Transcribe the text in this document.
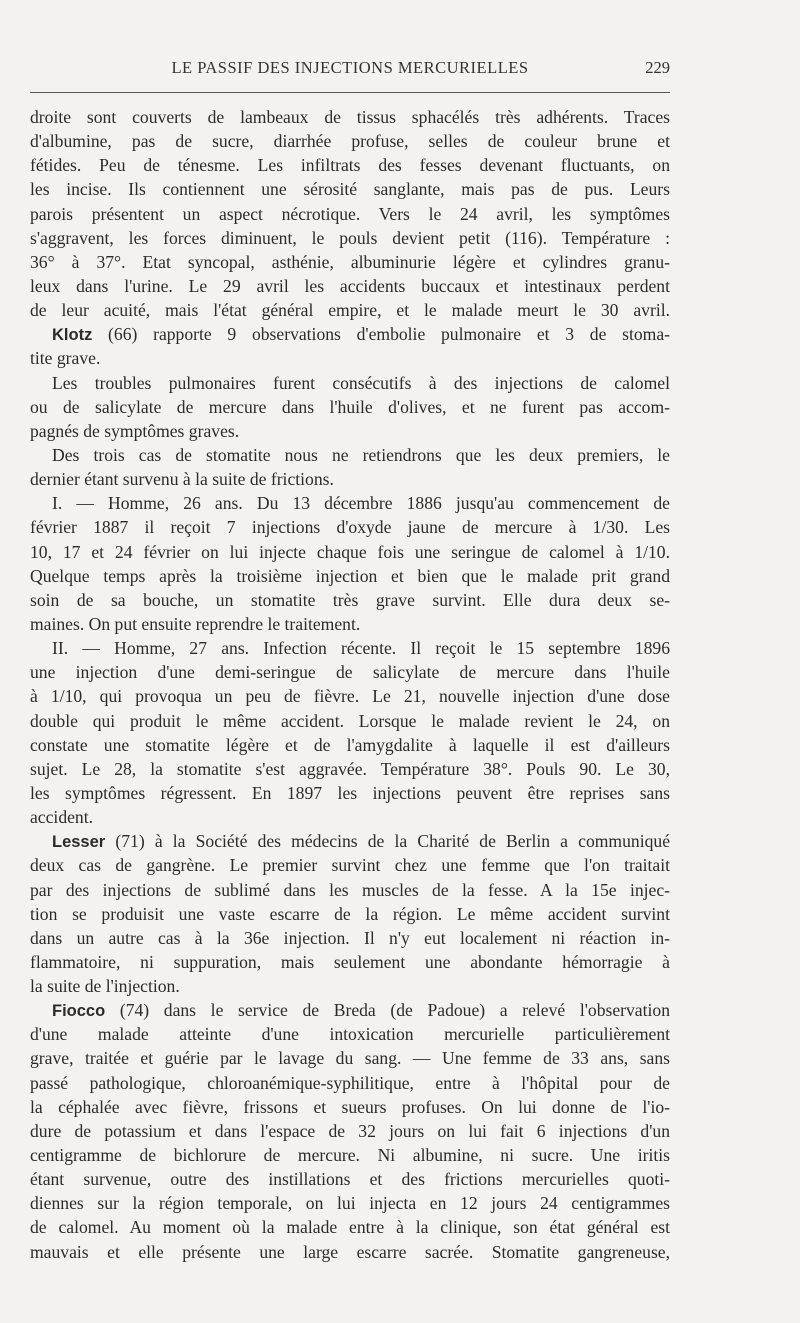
LE PASSIF DES INJECTIONS MERCURIELLES	229
droite sont couverts de lambeaux de tissus sphacélés très adhérents. Traces
d'albumine, pas de sucre, diarrhée profuse, selles de couleur brune et
fétides. Peu de ténesme. Les infiltrats des fesses devenant fluctuants, on
les incise. Ils contiennent une sérosité sanglante, mais pas de pus. Leurs
parois présentent un aspect nécrotique. Vers le 24 avril, les symptômes
s'aggravent, les forces diminuent, le pouls devient petit (116). Température :
36° à 37°. Etat syncopal, asthénie, albuminurie légère et cylindres granu-
leux dans l'urine. Le 29 avril les accidents buccaux et intestinaux perdent
de leur acuité, mais l'état général empire, et le malade meurt le 30 avril.
Klotz (66) rapporte 9 observations d'embolie pulmonaire et 3 de stoma-
tite grave.
Les troubles pulmonaires furent consécutifs à des injections de calomel
ou de salicylate de mercure dans l'huile d'olives, et ne furent pas accom-
pagnés de symptômes graves.
Des trois cas de stomatite nous ne retiendrons que les deux premiers, le
dernier étant survenu à la suite de frictions.
I. — Homme, 26 ans. Du 13 décembre 1886 jusqu'au commencement de
février 1887 il reçoit 7 injections d'oxyde jaune de mercure à 1/30. Les
10, 17 et 24 février on lui injecte chaque fois une seringue de calomel à 1/10.
Quelque temps après la troisième injection et bien que le malade prit grand
soin de sa bouche, un stomatite très grave survint. Elle dura deux se-
maines. On put ensuite reprendre le traitement.
II. — Homme, 27 ans. Infection récente. Il reçoit le 15 septembre 1896
une injection d'une demi-seringue de salicylate de mercure dans l'huile
à 1/10, qui provoqua un peu de fièvre. Le 21, nouvelle injection d'une dose
double qui produit le même accident. Lorsque le malade revient le 24, on
constate une stomatite légère et de l'amygdalite à laquelle il est d'ailleurs
sujet. Le 28, la stomatite s'est aggravée. Température 38°. Pouls 90. Le 30,
les symptômes régressent. En 1897 les injections peuvent être reprises sans
accident.
Lesser (71) à la Société des médecins de la Charité de Berlin a communiqué
deux cas de gangrène. Le premier survint chez une femme que l'on traitait
par des injections de sublimé dans les muscles de la fesse. A la 15e injec-
tion se produisit une vaste escarre de la région. Le même accident survint
dans un autre cas à la 36e injection. Il n'y eut localement ni réaction in-
flammatoire, ni suppuration, mais seulement une abondante hémorragie à
la suite de l'injection.
Fiocco (74) dans le service de Breda (de Padoue) a relevé l'observation
d'une malade atteinte d'une intoxication mercurielle particulièrement
grave, traitée et guérie par le lavage du sang. — Une femme de 33 ans, sans
passé pathologique, chloroanémique-syphilitique, entre à l'hôpital pour de
la céphalée avec fièvre, frissons et sueurs profuses. On lui donne de l'io-
dure de potassium et dans l'espace de 32 jours on lui fait 6 injections d'un
centigramme de bichlorure de mercure. Ni albumine, ni sucre. Une iritis
étant survenue, outre des instillations et des frictions mercurielles quoti-
diennes sur la région temporale, on lui injecta en 12 jours 24 centigrammes
de calomel. Au moment où la malade entre à la clinique, son état général est
mauvais et elle présente une large escarre sacrée. Stomatite gangreneuse,
